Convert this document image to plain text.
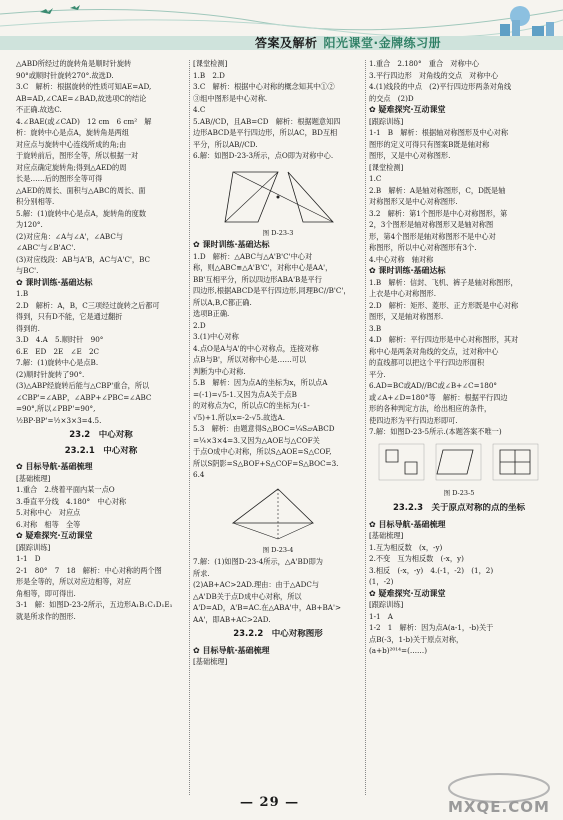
答案及解析 阳光课堂·金牌练习册

△ABD所经过的旋转角是顺时针旋转

90°或顺时针旋转270°.故选D.

3.C　解析：根据旋转的性质可知AE=AD,

AB=AD,∠CAE=∠BAD,故选项C的结论

不正确.故选C.

4.∠BAE(或∠CAD)　12 cm　6 cm²　解

析：旋转中心是点A，旋转角是两组

对应点与旋转中心连线所成的角;由

于旋转前后，图形全等，所以根据一对

对应点确定旋转角;得到△AED的周

长是……后的图形全等可得

△AED的周长、面积与△ABC的周长、面

积分别相等.

5.解：(1)旋转中心是点A，旋转角的度数

为120°.

(2)对应角：∠A与∠A'，∠ABC与

∠ABC'与∠B'AC'.

(3)对应线段：AB与A'B，AC与A'C'，BC

与BC'.

✿ 课时训练·基础达标

1.B

2.D　解析：A，B，C三项经过旋转之后都可

得到，只有D不能，它是通过翻折

得到的.

3.D　4.A　5.顺时针　90°

6.E　ED　2E　∠E　2C

7.解：(1)旋转中心是点B.

(2)顺时针旋转了90°.

(3)△ABP经旋转后能与△CBP'重合，所以

∠CBP'=∠ABP，∠ABP+∠PBC=∠ABC

=90°,所以∠PBP'=90°,

½BP·BP'=½×3×3=4.5.

23.2　中心对称

23.2.1　中心对称

✿ 目标导航·基础梳理

[基础梳理]

1.重合　2.绕着平面内某一点O

3.垂直平分线　4.180°　中心对称

5.对称中心　对应点

6.对称　相等　全等

✿ 疑难探究·互动课堂

[跟踪训练]

1-1　D

2-1　80°　7　18　解析：中心对称的两个图

形是全等的，所以对应边相等，对应

角相等，即可得出.

3-1　解：如图D-23-2所示，五边形A₁B₁C₁D₁E₁

就是所求作的图形.

[课堂检测]

1.B　2.D

3.C　解析：根据中心对称的概念知其中①②

③组中图形是中心对称.

4.C

5.AB//CD，且AB=CD　解析：根据题意知四

边形ABCD是平行四边形，所以AC，BD互相

平分，所以AB//CD.

6.解：如图D-23-3所示，点O即为对称中心.

图 D-23-3

✿ 课时训练·基础达标

1.D　解析：△ABC与△A'B'C'中心对

称，则△ABC≌△A'B'C'，对称中心是AA'，

BB'互相平分，所以四边形ABA'B是平行

四边形,根据ABCD是平行四边形,同理BC//B'C'，

所以A,B,C都正确.

选项B正确.

2.D

3.(1)中心对称

4.点O是A与A'的中心对称点，连接对称

点B与B'，所以对称中心是……可以

判断为中心对称.

5.B　解析：因为点A的坐标为x，所以点A

=(-1)=√5-1.又因为点A关于点B

的对称点为C，所以点C的坐标为(-1-

√5)+1.所以x=-2-√5.故选A.

5.3　解析：由题意得S△BOC=¼S▱ABCD

=¼×3×4=3.又因为△AOE与△COF关

于点O成中心对称，所以S△AOE=S△COF,

所以S阴影=S△BOF+S△COF=S△BOC=3.

6.4

图 D-23-4

7.解：(1)如图D-23-4所示，△A'BD即为

所求.

(2)AB+AC>2AD.理由：由于△ADC与

△A'DB关于点D成中心对称，所以

A'D=AD，A'B=AC.在△ABA'中，AB+BA'>

AA'，即AB+AC>2AD.

23.2.2　中心对称图形

✿ 目标导航·基础梳理

[基础梳理]

1.重合　2.180°　重合　对称中心

3.平行四边形　对角线的交点　对称中心

4.(1)线段的中点　(2)平行四边形两条对角线

的交点　(2)D

✿ 疑难探究·互动课堂

[跟踪训练]

1-1　B　解析：根据轴对称图形及中心对称

图形的定义可得只有图案B既是轴对称

图形，又是中心对称图形.

[课堂检测]

1.C

2.B　解析：A是轴对称图形，C，D既是轴

对称图形又是中心对称图形.

3.2　解析：第1个图形是中心对称图形，第

2，3个图形是轴对称图形又是轴对称图

形，第4个图形是轴对称图形不是中心对

称图形，所以中心对称图形有3个.

4.中心对称　轴对称

✿ 课时训练·基础达标

1.B　解析：信封、飞机、裤子是轴对称图形，

上衣是中心对称图形.

2.D　解析：矩形、菱形、正方形既是中心对称

图形，又是轴对称图形.

3.B

4.D　解析：平行四边形是中心对称图形，其对

称中心是两条对角线的交点，过对称中心

的直线都可以把这个平行四边形面积

平分.

6.AD=BC或AD//BC或∠B+∠C=180°

或∠A+∠D=180°等　解析：根据平行四边

形的各种判定方法，给出相应的条件，

使四边形为平行四边形即可.

7.解：如图D-23-5所示.(本题答案不唯一)

图 D-23-5

23.2.3　关于原点对称的点的坐标

✿ 目标导航·基础梳理

[基础梳理]

1.互为相反数　(x，-y)

2.不变　互为相反数　(-x，y)

3.相反　(-x，-y)　4.(-1，-2)　(1，2)

(1，-2)

✿ 疑难探究·互动课堂

[跟踪训练]

1-1　A

1-2　1　解析：因为点A(a-1，-b)关于

点B(-3，1-b)关于原点对称，

(a+b)²⁰¹⁴=(……)

— 29 —	MXQE.COM
